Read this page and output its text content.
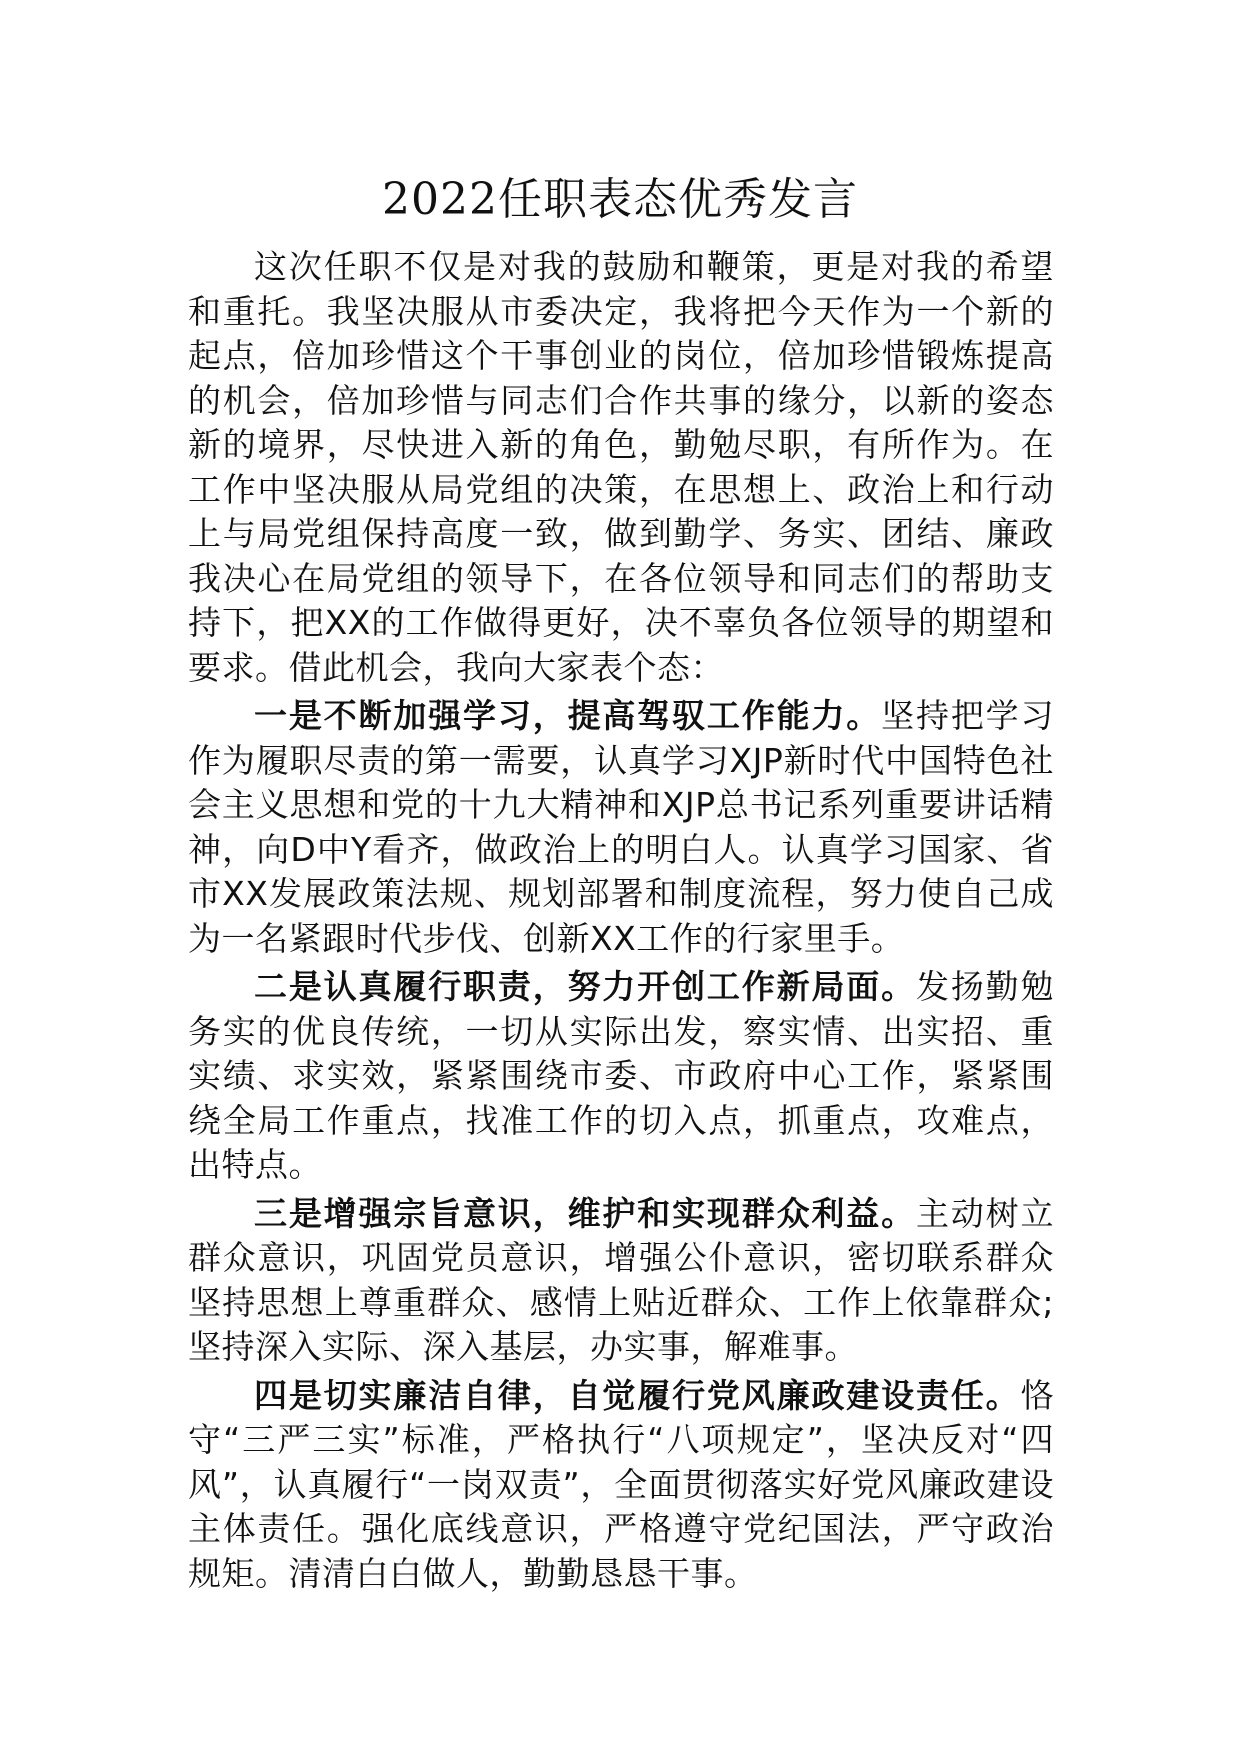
2022任职表态优秀发言

这次任职不仅是对我的鼓励和鞭策，更是对我的希望和重托。我坚决服从市委决定，我将把今天作为一个新的起点，倍加珍惜这个干事创业的岗位，倍加珍惜锻炼提高的机会，倍加珍惜与同志们合作共事的缘分，以新的姿态新的境界，尽快进入新的角色，勤勉尽职，有所作为。在工作中坚决服从局党组的决策，在思想上、政治上和行动上与局党组保持高度一致，做到勤学、务实、团结、廉政我决心在局党组的领导下，在各位领导和同志们的帮助支持下，把XX的工作做得更好，决不辜负各位领导的期望和要求。借此机会，我向大家表个态：

一是不断加强学习，提高驾驭工作能力。坚持把学习作为履职尽责的第一需要，认真学习XJP新时代中国特色社会主义思想和党的十九大精神和XJP总书记系列重要讲话精神，向D中Y看齐，做政治上的明白人。认真学习国家、省市XX发展政策法规、规划部署和制度流程，努力使自己成为一名紧跟时代步伐、创新XX工作的行家里手。

二是认真履行职责，努力开创工作新局面。发扬勤勉务实的优良传统，一切从实际出发，察实情、出实招、重实绩、求实效，紧紧围绕市委、市政府中心工作，紧紧围绕全局工作重点，找准工作的切入点，抓重点，攻难点，出特点。

三是增强宗旨意识，维护和实现群众利益。主动树立群众意识，巩固党员意识，增强公仆意识，密切联系群众坚持思想上尊重群众、感情上贴近群众、工作上依靠群众;坚持深入实际、深入基层，办实事，解难事。

四是切实廉洁自律，自觉履行党风廉政建设责任。恪守“三严三实”标准，严格执行“八项规定”，坚决反对“四风”，认真履行“一岗双责”，全面贯彻落实好党风廉政建设主体责任。强化底线意识，严格遵守党纪国法，严守政治规矩。清清白白做人，勤勤恳恳干事。
